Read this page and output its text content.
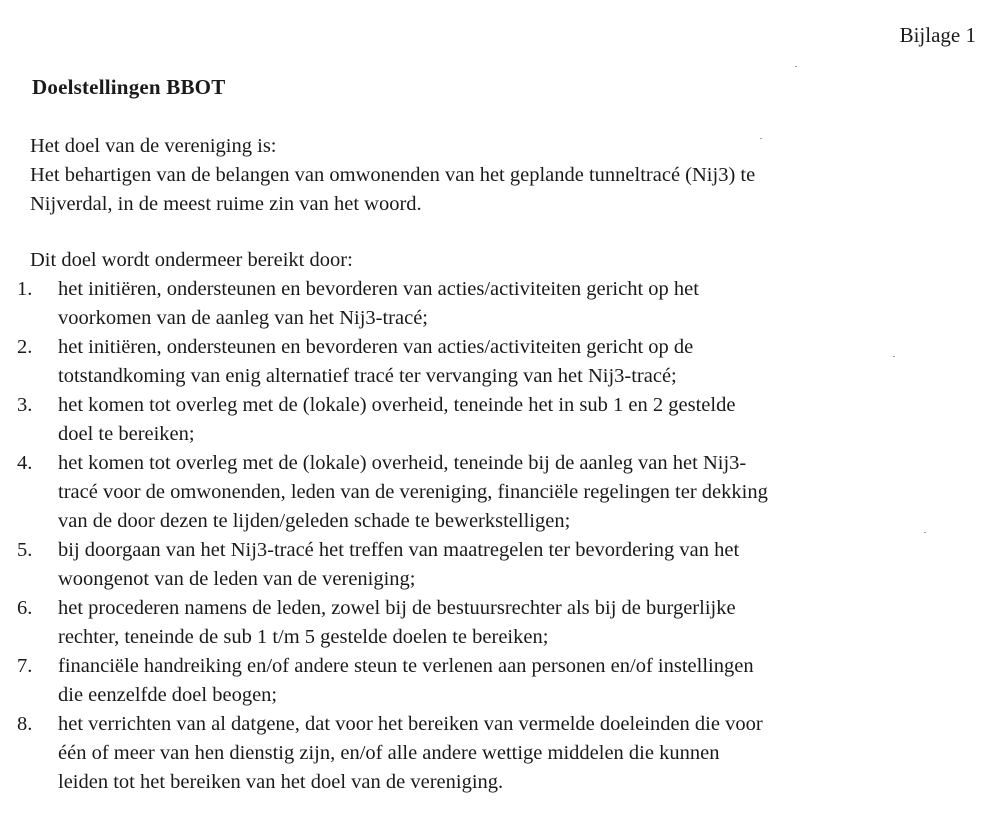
Bijlage 1
Doelstellingen BBOT
Het doel van de vereniging is:
Het behartigen van de belangen van omwonenden van het geplande tunneltracé (Nij3) te
Nijverdal, in de meest ruime zin van het woord.
Dit doel wordt ondermeer bereikt door:
1. het initiëren, ondersteunen en bevorderen van acties/activiteiten gericht op het
voorkomen van de aanleg van het Nij3-tracé;
2. het initiëren, ondersteunen en bevorderen van acties/activiteiten gericht op de
totstandkoming van enig alternatief tracé ter vervanging van het Nij3-tracé;
3. het komen tot overleg met de (lokale) overheid, teneinde het in sub 1 en 2 gestelde
doel te bereiken;
4. het komen tot overleg met de (lokale) overheid, teneinde bij de aanleg van het Nij3-
tracé voor de omwonenden, leden van de vereniging, financiële regelingen ter dekking
van de door dezen te lijden/geleden schade te bewerkstelligen;
5. bij doorgaan van het Nij3-tracé het treffen van maatregelen ter bevordering van het
woongenot van de leden van de vereniging;
6. het procederen namens de leden, zowel bij de bestuursrechter als bij de burgerlijke
rechter, teneinde de sub 1 t/m 5 gestelde doelen te bereiken;
7. financiële handreiking en/of andere steun te verlenen aan personen en/of instellingen
die eenzelfde doel beogen;
8. het verrichten van al datgene, dat voor het bereiken van vermelde doeleinden die voor
één of meer van hen dienstig zijn, en/of alle andere wettige middelen die kunnen
leiden tot het bereiken van het doel van de vereniging.
